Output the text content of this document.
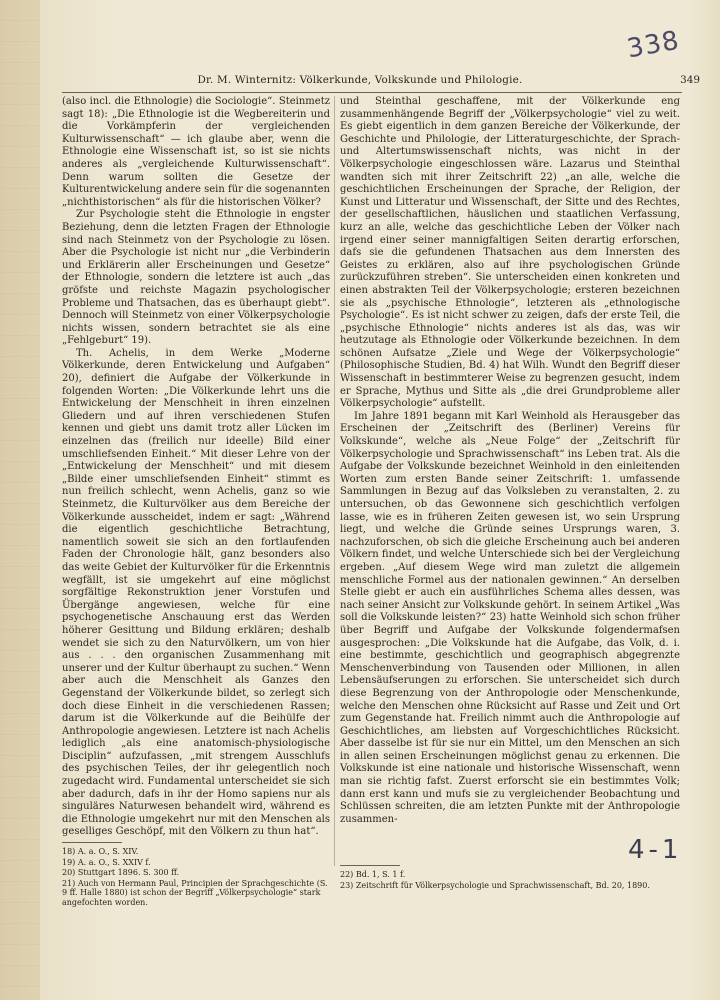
338
Dr. M. Winternitz: Völkerkunde, Volkskunde und Philologie.	349

(also incl. die Ethnologie) die Sociologie“. Steinmetz sagt 18): „Die Ethnologie ist die Wegbereiterin und die Vorkämpferin der vergleichenden Kulturwissenschaft“ — ich glaube aber, wenn die Ethnologie eine Wissenschaft ist, so ist sie nichts anderes als „vergleichende Kulturwissenschaft“. Denn warum sollten die Gesetze der Kulturentwickelung andere sein für die sogenannten „nichthistorischen“ als für die historischen Völker?

Zur Psychologie steht die Ethnologie in engster Beziehung, denn die letzten Fragen der Ethnologie sind nach Steinmetz von der Psychologie zu lösen. Aber die Psychologie ist nicht nur „die Verbinderin und Erklärerin aller Erscheinungen und Gesetze“ der Ethnologie, sondern die letztere ist auch „das gröfste und reichste Magazin psychologischer Probleme und Thatsachen, das es überhaupt giebt“. Dennoch will Steinmetz von einer Völkerpsychologie nichts wissen, sondern betrachtet sie als eine „Fehlgeburt“ 19).

Th. Achelis, in dem Werke „Moderne Völkerkunde, deren Entwickelung und Aufgaben“ 20), definiert die Aufgabe der Völkerkunde in folgenden Worten: „Die Völkerkunde lehrt uns die Entwickelung der Menschheit in ihren einzelnen Gliedern und auf ihren verschiedenen Stufen kennen und giebt uns damit trotz aller Lücken im einzelnen das (freilich nur ideelle) Bild einer umschliefsenden Einheit.“ Mit dieser Lehre von der „Entwickelung der Menschheit“ und mit diesem „Bilde einer umschliefsenden Einheit“ stimmt es nun freilich schlecht, wenn Achelis, ganz so wie Steinmetz, die Kulturvölker aus dem Bereiche der Völkerkunde ausscheidet, indem er sagt: „Während die eigentlich geschichtliche Betrachtung, namentlich soweit sie sich an den fortlaufenden Faden der Chronologie hält, ganz besonders also das weite Gebiet der Kulturvölker für die Erkenntnis wegfällt, ist sie umgekehrt auf eine möglichst sorgfältige Rekonstruktion jener Vorstufen und Übergänge angewiesen, welche für eine psychogenetische Anschauung erst das Werden höherer Gesittung und Bildung erklären; deshalb wendet sie sich zu den Naturvölkern, um von hier aus . . . den organischen Zusammenhang mit unserer und der Kultur überhaupt zu suchen.“ Wenn aber auch die Menschheit als Ganzes den Gegenstand der Völkerkunde bildet, so zerlegt sich doch diese Einheit in die verschiedenen Rassen; darum ist die Völkerkunde auf die Beihülfe der Anthropologie angewiesen. Letztere ist nach Achelis lediglich „als eine anatomisch-physiologische Disciplin“ aufzufassen, „mit strengem Ausschlufs des psychischen Teiles, der ihr gelegentlich noch zugedacht wird. Fundamental unterscheidet sie sich aber dadurch, dafs in ihr der Homo sapiens nur als singuläres Naturwesen behandelt wird, während es die Ethnologie umgekehrt nur mit den Menschen als geselliges Geschöpf, mit den Völkern zu thun hat“.

und Steinthal geschaffene, mit der Völkerkunde eng zusammenhängende Begriff der „Völkerpsychologie“ viel zu weit. Es giebt eigentlich in dem ganzen Bereiche der Völkerkunde, der Geschichte und Philologie, der Litteraturgeschichte, der Sprach- und Altertumswissenschaft nichts, was nicht in der Völkerpsychologie eingeschlossen wäre. Lazarus und Steinthal wandten sich mit ihrer Zeitschrift 22) „an alle, welche die geschichtlichen Erscheinungen der Sprache, der Religion, der Kunst und Litteratur und Wissenschaft, der Sitte und des Rechtes, der gesellschaftlichen, häuslichen und staatlichen Verfassung, kurz an alle, welche das geschichtliche Leben der Völker nach irgend einer seiner mannigfaltigen Seiten derartig erforschen, dafs sie die gefundenen Thatsachen aus dem Innersten des Geistes zu erklären, also auf ihre psychologischen Gründe zurückzuführen streben“. Sie unterscheiden einen konkreten und einen abstrakten Teil der Völkerpsychologie; ersteren bezeichnen sie als „psychische Ethnologie“, letzteren als „ethnologische Psychologie“. Es ist nicht schwer zu zeigen, dafs der erste Teil, die „psychische Ethnologie“ nichts anderes ist als das, was wir heutzutage als Ethnologie oder Völkerkunde bezeichnen. In dem schönen Aufsatze „Ziele und Wege der Völkerpsychologie“ (Philosophische Studien, Bd. 4) hat Wilh. Wundt den Begriff dieser Wissenschaft in bestimmterer Weise zu begrenzen gesucht, indem er Sprache, Mythus und Sitte als „die drei Grundprobleme aller Völkerpsychologie“ aufstellt.

Im Jahre 1891 begann mit Karl Weinhold als Herausgeber das Erscheinen der „Zeitschrift des (Berliner) Vereins für Volkskunde“, welche als „Neue Folge“ der „Zeitschrift für Völkerpsychologie und Sprachwissenschaft“ ins Leben trat. Als die Aufgabe der Volkskunde bezeichnet Weinhold in den einleitenden Worten zum ersten Bande seiner Zeitschrift: 1. umfassende Sammlungen in Bezug auf das Volksleben zu veranstalten, 2. zu untersuchen, ob das Gewonnene sich geschichtlich verfolgen lasse, wie es in früheren Zeiten gewesen ist, wo sein Ursprung liegt, und welche die Gründe seines Ursprungs waren, 3. nachzuforschen, ob sich die gleiche Erscheinung auch bei anderen Völkern findet, und welche Unterschiede sich bei der Vergleichung ergeben. „Auf diesem Wege wird man zuletzt die allgemein menschliche Formel aus der nationalen gewinnen.“ An derselben Stelle giebt er auch ein ausführliches Schema alles dessen, was nach seiner Ansicht zur Volkskunde gehört. In seinem Artikel „Was soll die Volkskunde leisten?“ 23) hatte Weinhold sich schon früher über Begriff und Aufgabe der Volkskunde folgendermafsen ausgesprochen: „Die Volkskunde hat die Aufgabe, das Volk, d. i. eine bestimmte, geschichtlich und geographisch abgegrenzte Menschenverbindung von Tausenden oder Millionen, in allen Lebensäufserungen zu erforschen. Sie unterscheidet sich durch diese Begrenzung von der Anthropologie oder Menschenkunde, welche den Menschen ohne Rücksicht auf Rasse und Zeit und Ort zum Gegenstande hat. Freilich nimmt auch die Anthropologie auf Geschichtliches, am liebsten auf Vorgeschichtliches Rücksicht. Aber dasselbe ist für sie nur ein Mittel, um den Menschen an sich in allen seinen Erscheinungen möglichst genau zu erkennen. Die Volkskunde ist eine nationale und historische Wissenschaft, wenn man sie richtig fafst. Zuerst erforscht sie ein bestimmtes Volk; dann erst kann und mufs sie zu vergleichender Beobachtung und Schlüssen schreiten, die am letzten Punkte mit der Anthropologie zusammen-

18) A. a. O., S. XIV.

19) A. a. O., S. XXIV f.

20) Stuttgart 1896. S. 300 ff.

21) Auch von Hermann Paul, Principien der Sprachgeschichte (S. 9 ff. Halle 1880) ist schon der Begriff „Völkerpsychologie“ stark angefochten worden.

22) Bd. 1, S. 1 f.

23) Zeitschrift für Völkerpsychologie und Sprachwissenschaft, Bd. 20, 1890.

4-1
